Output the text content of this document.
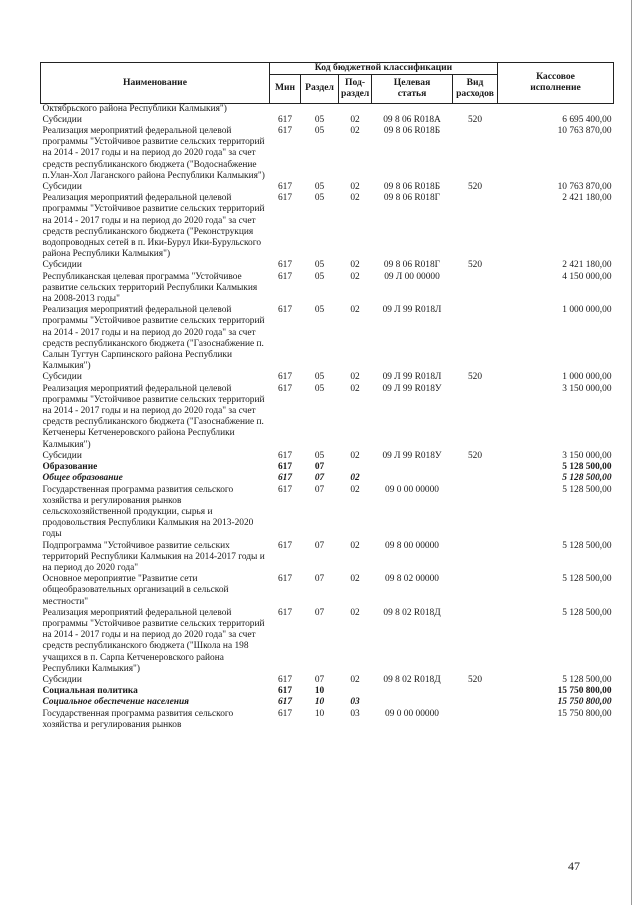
Наименование	Код бюджетной классификации					Кассовое
исполнение
	Мин	Раздел	Под-
раздел	Целевая
статья	Вид
расходов	
Октябрьского района Республики Калмыкия")						
Субсидии	617	05	02	09 8 06 R018А	520	6 695 400,00
Реализация мероприятий федеральной целевой программы "Устойчивое развитие сельских территорий на 2014 - 2017 годы и на период до 2020 года" за счет средств республиканского бюджета ("Водоснабжение п.Улан-Хол Лаганского района Республики Калмыкия")	617	05	02	09 8 06 R018Б		10 763 870,00
Субсидии	617	05	02	09 8 06 R018Б	520	10 763 870,00
Реализация мероприятий федеральной целевой программы "Устойчивое развитие сельских территорий на 2014 - 2017 годы и на период до 2020 года" за счет средств республиканского бюджета ("Реконструкция водопроводных сетей в п. Ики-Бурул Ики-Бурульского района Республики Калмыкия")	617	05	02	09 8 06 R018Г		2 421 180,00
Субсидии	617	05	02	09 8 06 R018Г	520	2 421 180,00
Республиканская целевая программа "Устойчивое развитие сельских территорий Республики Калмыкия на 2008-2013 годы"	617	05	02	09 Л 00 00000		4 150 000,00
Реализация мероприятий федеральной целевой программы "Устойчивое развитие сельских территорий на 2014 - 2017 годы и на период до 2020 года" за счет средств республиканского бюджета ("Газоснабжение п. Салын Тугтун Сарпинского района Республики Калмыкия")	617	05	02	09 Л 99 R018Л		1 000 000,00
Субсидии	617	05	02	09 Л 99 R018Л	520	1 000 000,00
Реализация мероприятий федеральной целевой программы "Устойчивое развитие сельских территорий на 2014 - 2017 годы и на период до 2020 года" за счет средств республиканского бюджета ("Газоснабжение п. Кетченеры Кетченеровского района Республики Калмыкия")	617	05	02	09 Л 99 R018У		3 150 000,00
Субсидии	617	05	02	09 Л 99 R018У	520	3 150 000,00
Образование	617	07				5 128 500,00
Общее образование	617	07	02			5 128 500,00
Государственная программа развития сельского хозяйства и регулирования рынков сельскохозяйственной продукции, сырья и продовольствия Республики Калмыкия на 2013-2020 годы	617	07	02	09 0 00 00000		5 128 500,00
Подпрограмма "Устойчивое развитие сельских территорий Республики Калмыкия на 2014-2017 годы и на период до 2020 года"	617	07	02	09 8 00 00000		5 128 500,00
Основное мероприятие "Развитие сети общеобразовательных организаций в сельской местности"	617	07	02	09 8 02 00000		5 128 500,00
Реализация мероприятий федеральной целевой программы "Устойчивое развитие сельских территорий на 2014 - 2017 годы и на период до 2020 года" за счет средств республиканского бюджета ("Школа на 198 учащихся в п. Сарпа Кетченеровского района Республики Калмыкия")	617	07	02	09 8 02 R018Д		5 128 500,00
Субсидии	617	07	02	09 8 02 R018Д	520	5 128 500,00
Социальная политика	617	10				15 750 800,00
Социальное обеспечение населения	617	10	03			15 750 800,00
Государственная программа развития сельского хозяйства и регулирования рынков	617	10	03	09 0 00 00000		15 750 800,00
47
